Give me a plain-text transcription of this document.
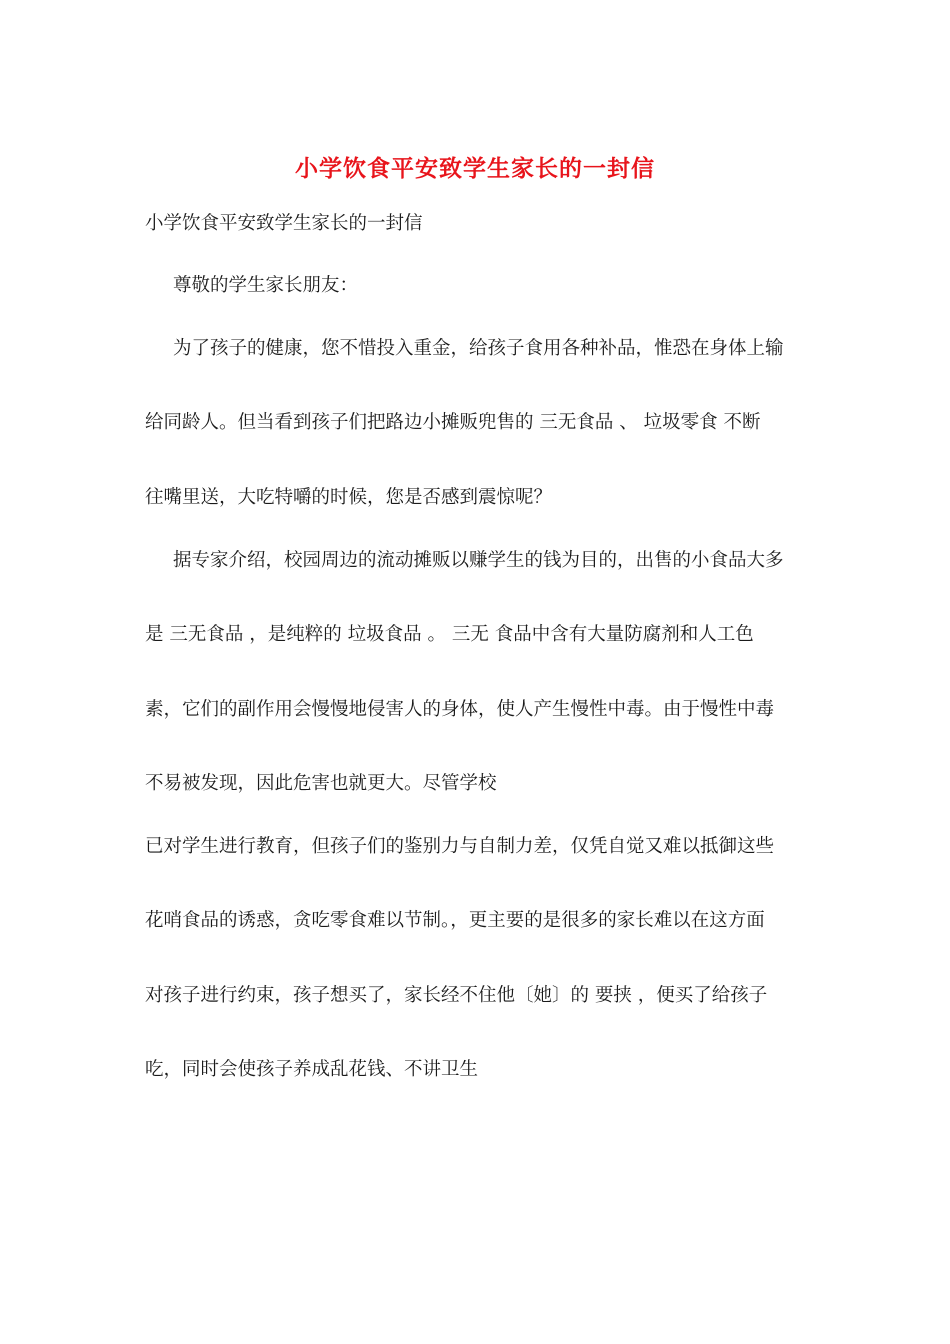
小学饮食平安致学生家长的一封信
小学饮食平安致学生家长的一封信
尊敬的学生家长朋友：
为了孩子的健康，您不惜投入重金，给孩子食用各种补品，惟恐在身体上输
给同龄人。但当看到孩子们把路边小摊贩兜售的 三无食品 、 垃圾零食 不断
往嘴里送，大吃特嚼的时候，您是否感到震惊呢？
据专家介绍，校园周边的流动摊贩以赚学生的钱为目的，出售的小食品大多
是 三无食品 ，是纯粹的 垃圾食品 。 三无 食品中含有大量防腐剂和人工色
素，它们的副作用会慢慢地侵害人的身体，使人产生慢性中毒。由于慢性中毒
不易被发现，因此危害也就更大。尽管学校
已对学生进行教育，但孩子们的鉴别力与自制力差，仅凭自觉又难以抵御这些
花哨食品的诱惑，贪吃零食难以节制。，更主要的是很多的家长难以在这方面
对孩子进行约束，孩子想买了，家长经不住他〔她〕的 要挟 ，便买了给孩子
吃，同时会使孩子养成乱花钱、不讲卫生
